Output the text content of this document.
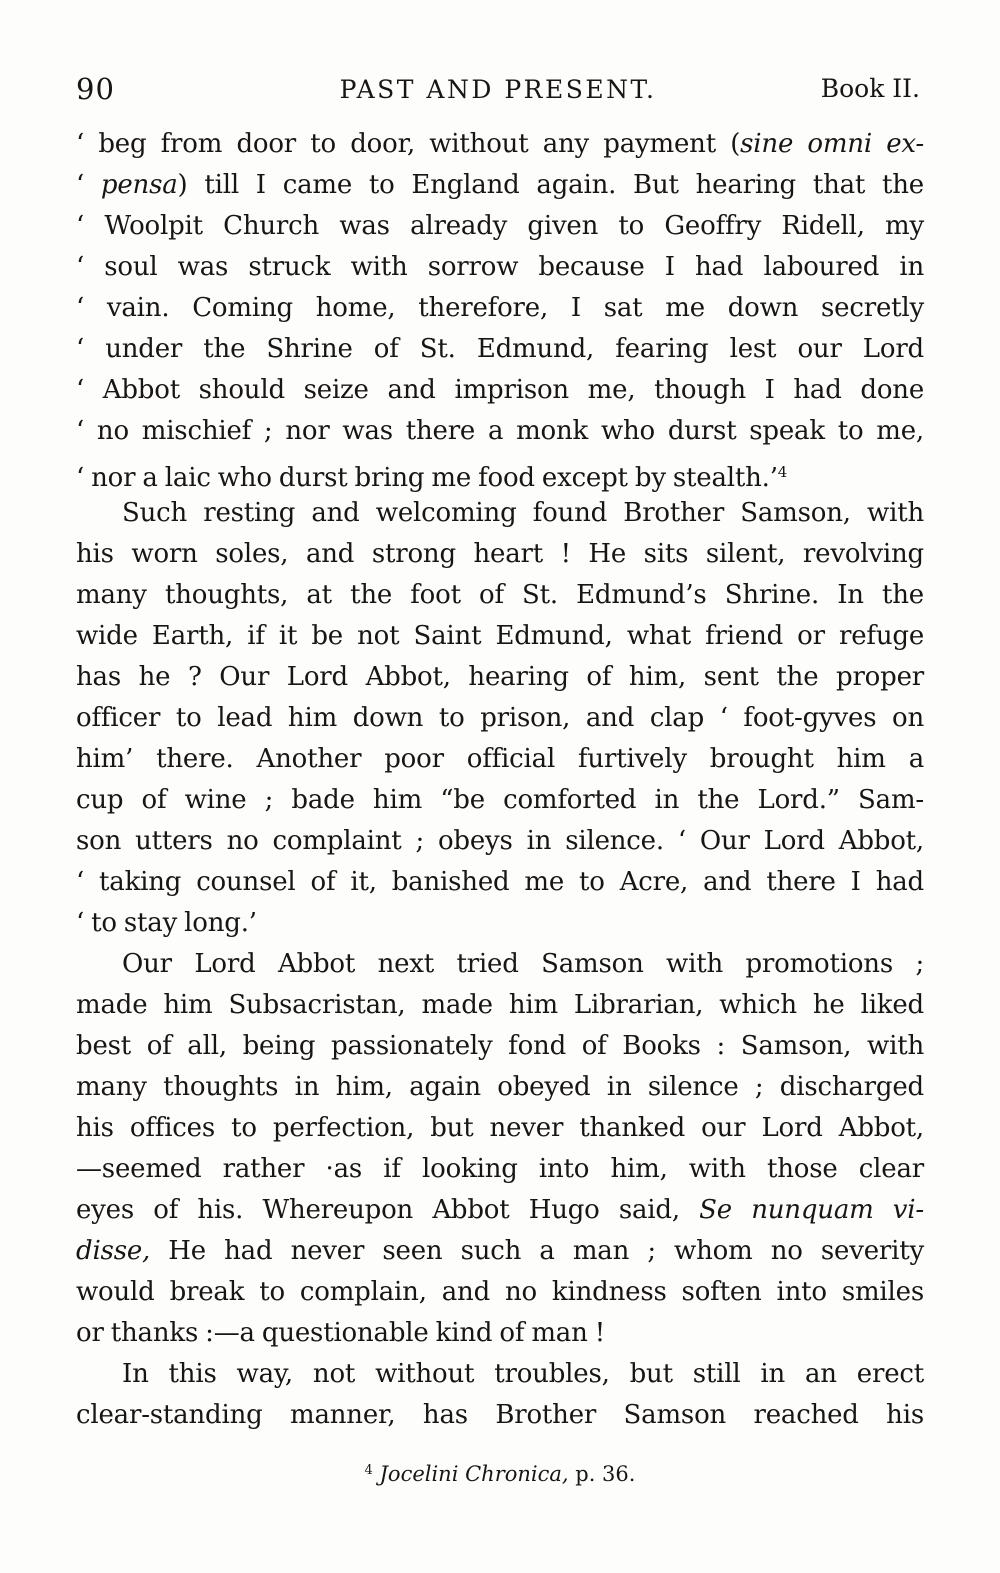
90	PAST AND PRESENT.	Book II.
‘ beg from door to door, without any payment (sine omni ex-
‘ pensa) till I came to England again. But hearing that the
‘ Woolpit Church was already given to Geoffry Ridell, my
‘ soul was struck with sorrow because I had laboured in
‘ vain. Coming home, therefore, I sat me down secretly
‘ under the Shrine of St. Edmund, fearing lest our Lord
‘ Abbot should seize and imprison me, though I had done
‘ no mischief ; nor was there a monk who durst speak to me,
‘ nor a laic who durst bring me food except by stealth.’$^4$
Such resting and welcoming found Brother Samson, with
his worn soles, and strong heart ! He sits silent, revolving
many thoughts, at the foot of St. Edmund’s Shrine. In the
wide Earth, if it be not Saint Edmund, what friend or refuge
has he ? Our Lord Abbot, hearing of him, sent the proper
officer to lead him down to prison, and clap ‘ foot-gyves on
him’ there. Another poor official furtively brought him a
cup of wine ; bade him “be comforted in the Lord.” Sam-
son utters no complaint ; obeys in silence. ‘ Our Lord Abbot,
‘ taking counsel of it, banished me to Acre, and there I had
‘ to stay long.’
Our Lord Abbot next tried Samson with promotions ;
made him Subsacristan, made him Librarian, which he liked
best of all, being passionately fond of Books : Samson, with
many thoughts in him, again obeyed in silence ; discharged
his offices to perfection, but never thanked our Lord Abbot,
—seemed rather ·as if looking into him, with those clear
eyes of his. Whereupon Abbot Hugo said, Se nunquam vi-
disse, He had never seen such a man ; whom no severity
would break to complain, and no kindness soften into smiles
or thanks :—a questionable kind of man !
In this way, not without troubles, but still in an erect
clear-standing manner, has Brother Samson reached his
$^4$ Jocelini Chronica, p. 36.
